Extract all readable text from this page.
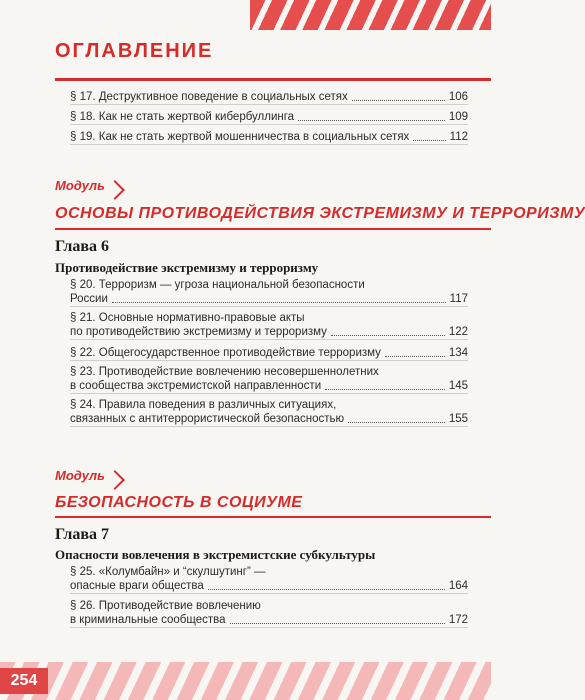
ОГЛАВЛЕНИЕ
§ 17. Деструктивное поведение в социальных сетях	106
§ 18. Как не стать жертвой кибербуллинга	109
§ 19. Как не стать жертвой мошенничества в социальных сетях	112
Модуль
ОСНОВЫ ПРОТИВОДЕЙСТВИЯ ЭКСТРЕМИЗМУ И ТЕРРОРИЗМУ
Глава 6
Противодействие экстремизму и терроризму
§ 20. Терроризм — угроза национальной безопасности
России	117
§ 21. Основные нормативно-правовые акты
по противодействию экстремизму и терроризму	122
§ 22. Общегосударственное противодействие терроризму	134
§ 23. Противодействие вовлечению несовершеннолетних
в сообщества экстремистской направленности	145
§ 24. Правила поведения в различных ситуациях,
связанных с антитеррористической безопасностью	155
Модуль
БЕЗОПАСНОСТЬ В СОЦИУМЕ
Глава 7
Опасности вовлечения в экстремистские субкультуры
§ 25. «Колумбайн» и “скулшутинг” —
опасные враги общества	164
§ 26. Противодействие вовлечению
в криминальные сообщества	172
254
